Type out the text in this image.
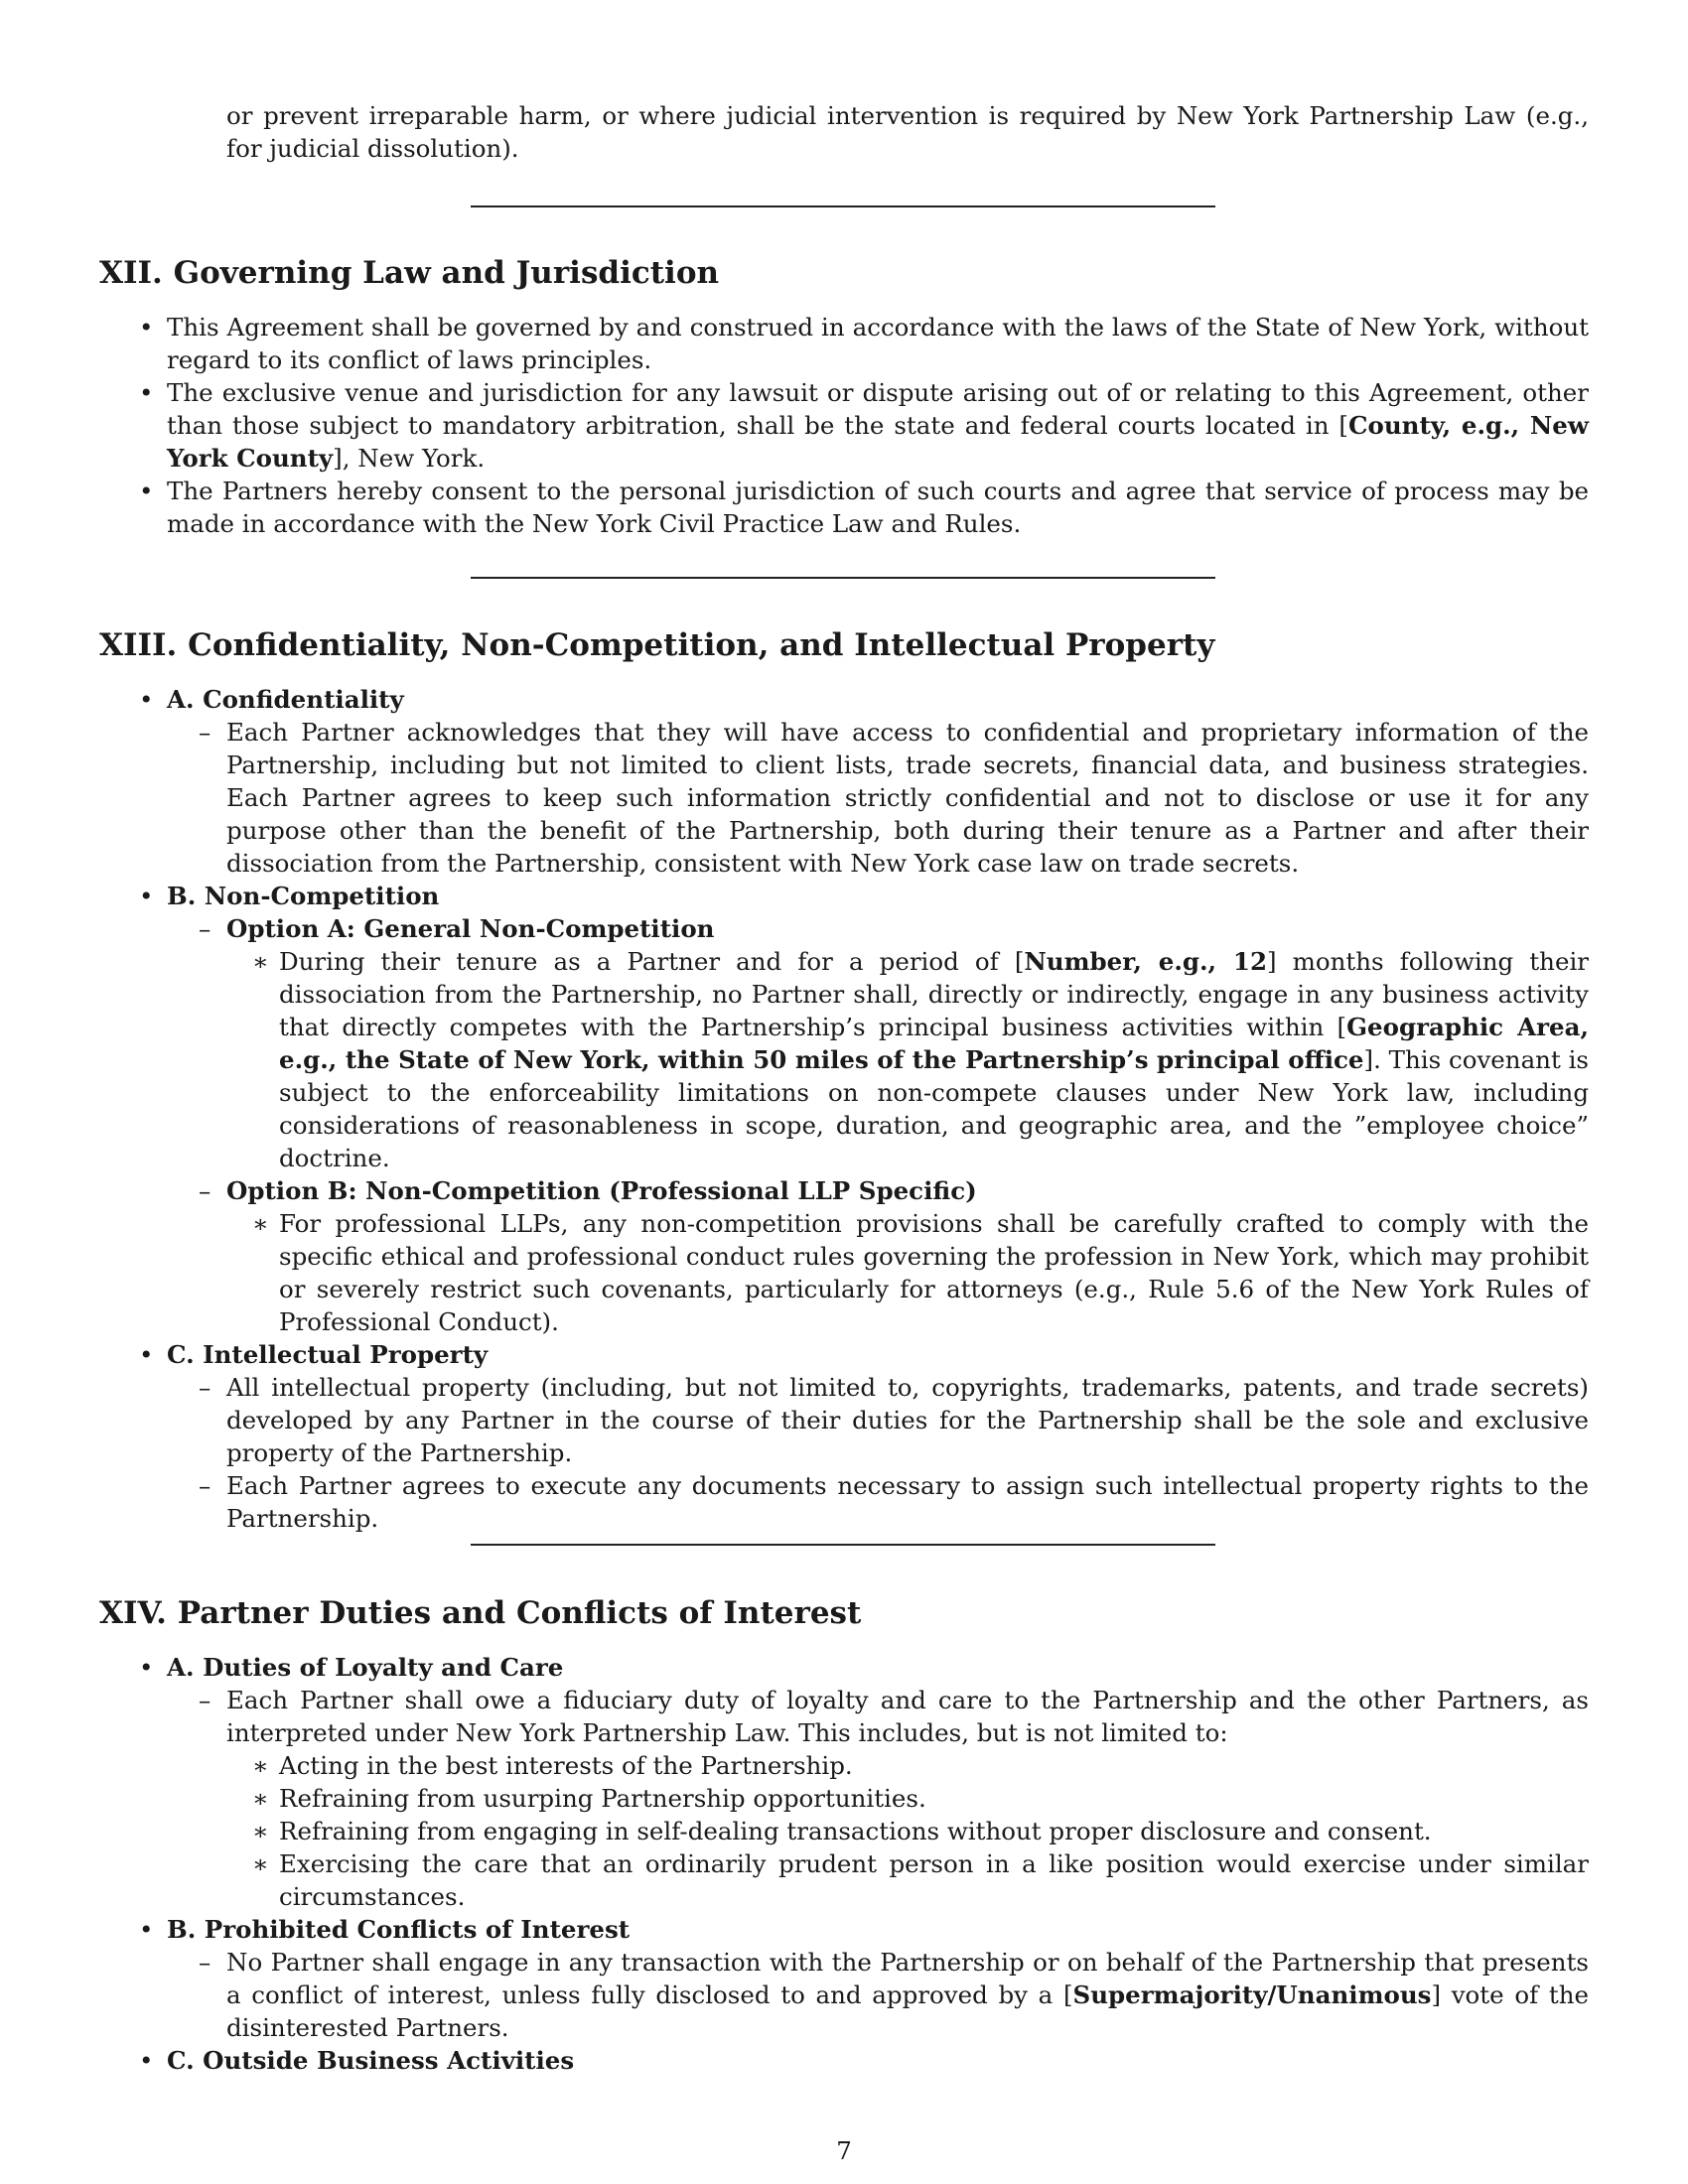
or prevent irreparable harm, or where judicial intervention is required by New York Partnership Law (e.g., for judicial dissolution).

XII. Governing Law and Jurisdiction
• This Agreement shall be governed by and construed in accordance with the laws of the State of New York, without regard to its conflict of laws principles.

• The exclusive venue and jurisdiction for any lawsuit or dispute arising out of or relating to this Agreement, other than those subject to mandatory arbitration, shall be the state and federal courts located in [County, e.g., New York County], New York.

• The Partners hereby consent to the personal jurisdiction of such courts and agree that service of process may be made in accordance with the New York Civil Practice Law and Rules.

XIII. Confidentiality, Non-Competition, and Intellectual Property
• A. Confidentiality

– Each Partner acknowledges that they will have access to confidential and proprietary information of the Partnership, including but not limited to client lists, trade secrets, financial data, and business strategies. Each Partner agrees to keep such information strictly confidential and not to disclose or use it for any purpose other than the benefit of the Partnership, both during their tenure as a Partner and after their dissociation from the Partnership, consistent with New York case law on trade secrets.

• B. Non-Competition

– Option A: General Non-Competition

∗ During their tenure as a Partner and for a period of [Number, e.g., 12] months following their dissociation from the Partnership, no Partner shall, directly or indirectly, engage in any business activity that directly competes with the Partnership’s principal business activities within [Geographic Area, e.g., the State of New York, within 50 miles of the Partnership’s principal office]. This covenant is subject to the enforceability limitations on non-compete clauses under New York law, including considerations of reasonableness in scope, duration, and geographic area, and the ”employee choice” doctrine.

– Option B: Non-Competition (Professional LLP Specific)

∗ For professional LLPs, any non-competition provisions shall be carefully crafted to comply with the specific ethical and professional conduct rules governing the profession in New York, which may prohibit or severely restrict such covenants, particularly for attorneys (e.g., Rule 5.6 of the New York Rules of Professional Conduct).

• C. Intellectual Property

– All intellectual property (including, but not limited to, copyrights, trademarks, patents, and trade secrets) developed by any Partner in the course of their duties for the Partnership shall be the sole and exclusive property of the Partnership.

– Each Partner agrees to execute any documents necessary to assign such intellectual property rights to the Partnership.

XIV. Partner Duties and Conflicts of Interest
• A. Duties of Loyalty and Care

– Each Partner shall owe a fiduciary duty of loyalty and care to the Partnership and the other Partners, as interpreted under New York Partnership Law. This includes, but is not limited to:

∗ Acting in the best interests of the Partnership.

∗ Refraining from usurping Partnership opportunities.

∗ Refraining from engaging in self-dealing transactions without proper disclosure and consent.

∗ Exercising the care that an ordinarily prudent person in a like position would exercise under similar circumstances.

• B. Prohibited Conflicts of Interest

– No Partner shall engage in any transaction with the Partnership or on behalf of the Partnership that presents a conflict of interest, unless fully disclosed to and approved by a [Supermajority/Unanimous] vote of the disinterested Partners.

• C. Outside Business Activities

7
